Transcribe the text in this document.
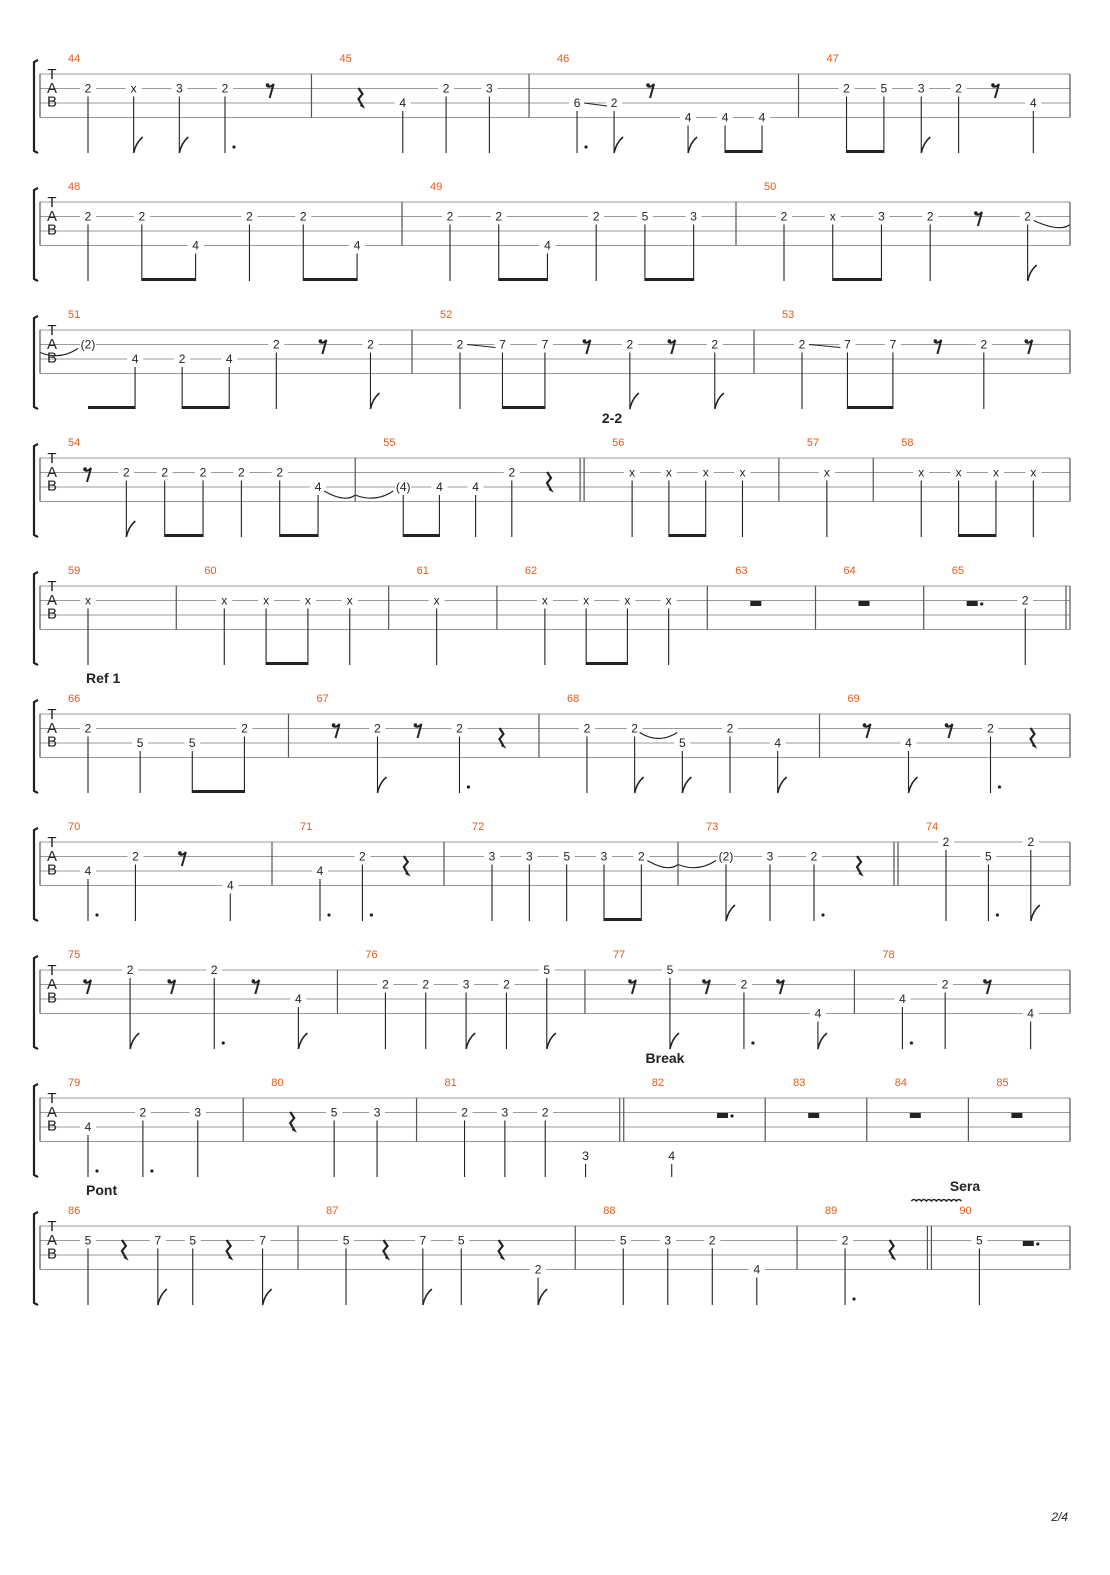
T
A
B
44
2	x	3	2
45
4
2	3
46
6	2
4	4	4
47
2	5	3	2
4
T
A
B
48
2	2
4
2	2
4
49
2	2
4
2	5	3
50
2	x	3	2	2
T
A
B
51
(2)
4	2	4
2	2
52
2	7	7	2	2
53
2	7	7	2
T
A
B
54
2	2	2	2	2
4
55
(4) 4 4
2
56
2-2
x	x	x	x
57
x
58
x	x	x	x
T
A
B
59
x
60
x	x	x	x
61
x
62
x	x	x	x
63	64	65
2
Ref 1
T
A
B
66
2
5	5
2
67
2	2
68
2	2
5
2
4
69
4
2
T
A
B
70
4
2
4
71
4
2
72
3	3	5	3	2
73
(2)	3	2
74
2
5
2
T
A
B
75
2	2
4
76
2	2	3	2
5
77
5
2
4
78
4
2
4
T
A
B
79
4
2	3
80
5	3
81
2	3	2
3
82
Break
4
83	84	85
Pont
T
A
B
86
5	7 5	7
87
5	7	5
2
88
5	3	2
4
89
2
90
Sera
5
2/4
